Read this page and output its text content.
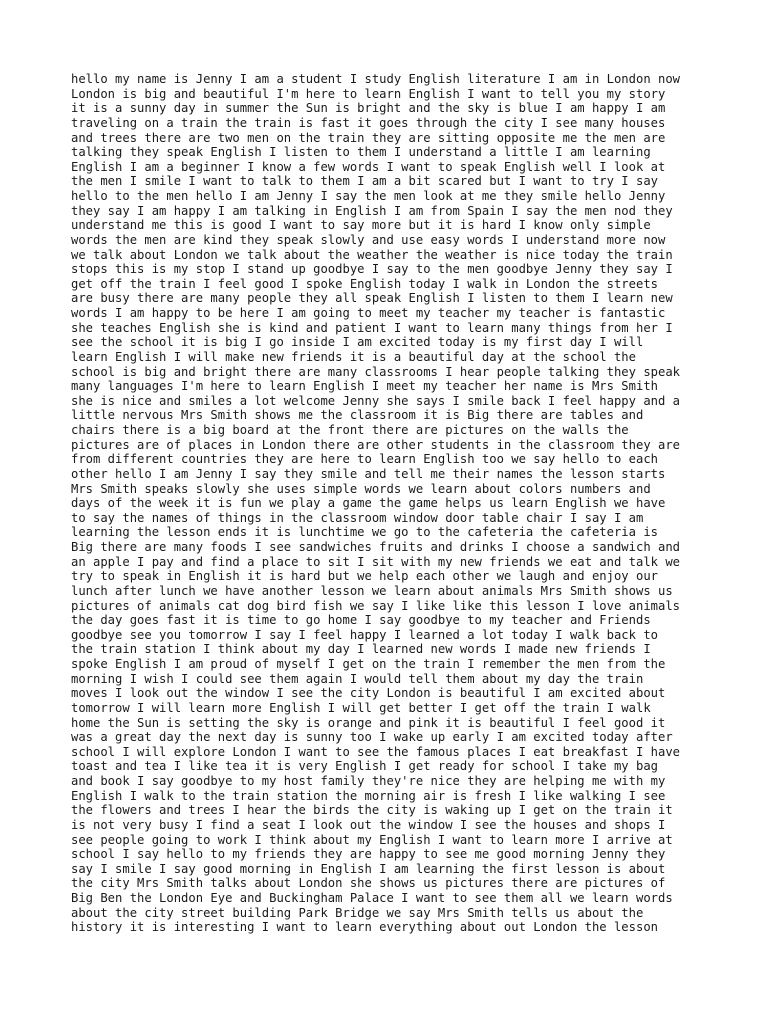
hello my name is Jenny I am a student I study English literature I am in London now
London is big and beautiful I'm here to learn English I want to tell you my story
it is a sunny day in summer the Sun is bright and the sky is blue I am happy I am
traveling on a train the train is fast it goes through the city I see many houses
and trees there are two men on the train they are sitting opposite me the men are
talking they speak English I listen to them I understand a little I am learning
English I am a beginner I know a few words I want to speak English well I look at
the men I smile I want to talk to them I am a bit scared but I want to try I say
hello to the men hello I am Jenny I say the men look at me they smile hello Jenny
they say I am happy I am talking in English I am from Spain I say the men nod they
understand me this is good I want to say more but it is hard I know only simple
words the men are kind they speak slowly and use easy words I understand more now
we talk about London we talk about the weather the weather is nice today the train
stops this is my stop I stand up goodbye I say to the men goodbye Jenny they say I
get off the train I feel good I spoke English today I walk in London the streets
are busy there are many people they all speak English I listen to them I learn new
words I am happy to be here I am going to meet my teacher my teacher is fantastic
she teaches English she is kind and patient I want to learn many things from her I
see the school it is big I go inside I am excited today is my first day I will
learn English I will make new friends it is a beautiful day at the school the
school is big and bright there are many classrooms I hear people talking they speak
many languages I'm here to learn English I meet my teacher her name is Mrs Smith
she is nice and smiles a lot welcome Jenny she says I smile back I feel happy and a
little nervous Mrs Smith shows me the classroom it is Big there are tables and
chairs there is a big board at the front there are pictures on the walls the
pictures are of places in London there are other students in the classroom they are
from different countries they are here to learn English too we say hello to each
other hello I am Jenny I say they smile and tell me their names the lesson starts
Mrs Smith speaks slowly she uses simple words we learn about colors numbers and
days of the week it is fun we play a game the game helps us learn English we have
to say the names of things in the classroom window door table chair I say I am
learning the lesson ends it is lunchtime we go to the cafeteria the cafeteria is
Big there are many foods I see sandwiches fruits and drinks I choose a sandwich and
an apple I pay and find a place to sit I sit with my new friends we eat and talk we
try to speak in English it is hard but we help each other we laugh and enjoy our
lunch after lunch we have another lesson we learn about animals Mrs Smith shows us
pictures of animals cat dog bird fish we say I like like this lesson I love animals
the day goes fast it is time to go home I say goodbye to my teacher and Friends
goodbye see you tomorrow I say I feel happy I learned a lot today I walk back to
the train station I think about my day I learned new words I made new friends I
spoke English I am proud of myself I get on the train I remember the men from the
morning I wish I could see them again I would tell them about my day the train
moves I look out the window I see the city London is beautiful I am excited about
tomorrow I will learn more English I will get better I get off the train I walk
home the Sun is setting the sky is orange and pink it is beautiful I feel good it
was a great day the next day is sunny too I wake up early I am excited today after
school I will explore London I want to see the famous places I eat breakfast I have
toast and tea I like tea it is very English I get ready for school I take my bag
and book I say goodbye to my host family they're nice they are helping me with my
English I walk to the train station the morning air is fresh I like walking I see
the flowers and trees I hear the birds the city is waking up I get on the train it
is not very busy I find a seat I look out the window I see the houses and shops I
see people going to work I think about my English I want to learn more I arrive at
school I say hello to my friends they are happy to see me good morning Jenny they
say I smile I say good morning in English I am learning the first lesson is about
the city Mrs Smith talks about London she shows us pictures there are pictures of
Big Ben the London Eye and Buckingham Palace I want to see them all we learn words
about the city street building Park Bridge we say Mrs Smith tells us about the
history it is interesting I want to learn everything about out London the lesson
